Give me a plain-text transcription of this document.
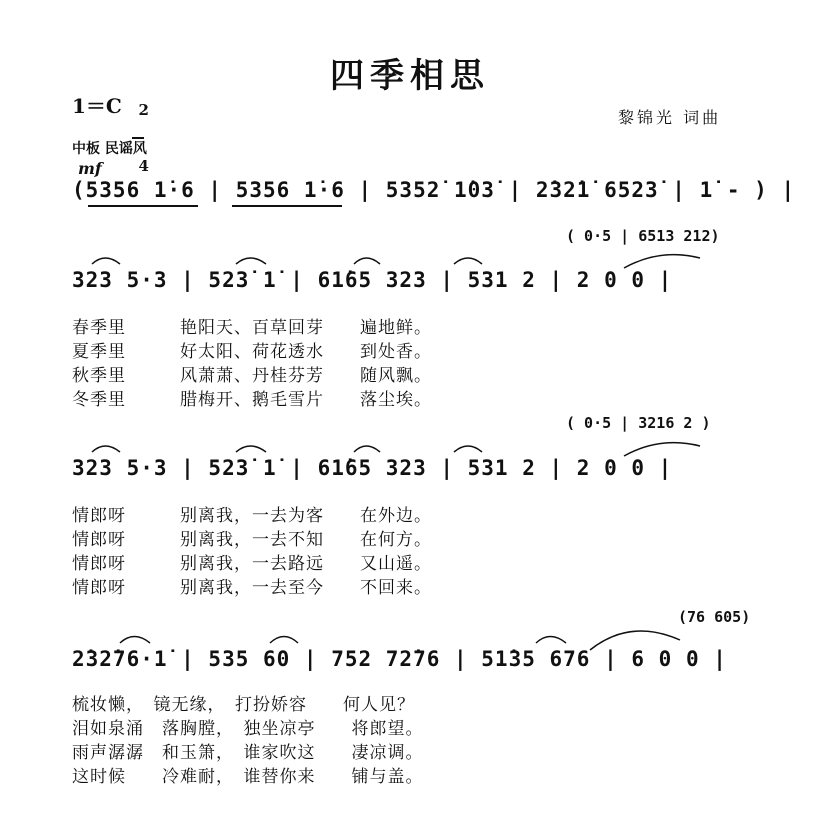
四季相思
1＝C	2

4

黎锦光 词曲
中板 民谣风
mf
(5356 1̇·6 | 5356 1̇·6 | 5352̇ 1̇03̇ | 2̇32̇1̇ 6523̇ | 1̇ - ) |
( 0·5 | 6513 212)
323 5·3 | 523̇ 1̇ | 61̇65 323 | 531 2 | 2 0 0 |
春季里　　　艳阳天、百草回芽　　遍地鲜。
夏季里　　　好太阳、荷花透水　　到处香。
秋季里　　　风萧萧、丹桂芬芳　　随风飘。
冬季里　　　腊梅开、鹅毛雪片　　落尘埃。
( 0·5 | 3216 2 )
323 5·3 | 523̇ 1̇ | 61̇65 323 | 531 2 | 2 0 0 |
情郎呀　　　别离我，一去为客　　在外边。
情郎呀　　　别离我，一去不知　　在何方。
情郎呀　　　别离我，一去路远　　又山遥。
情郎呀　　　别离我，一去至今　　不回来。
(76 605)
2̇32̇76·1̇ | 535 60 | 752 72̇76 | 51̇35 676 | 6 0 0 |
梳妆懒，　镜无缘，　打扮娇容　　何人见？
泪如泉涌　落胸膛，　独坐凉亭　　将郎望。
雨声潺潺　和玉箫，　谁家吹这　　凄凉调。
这时候　　冷难耐，　谁替你来　　铺与盖。
